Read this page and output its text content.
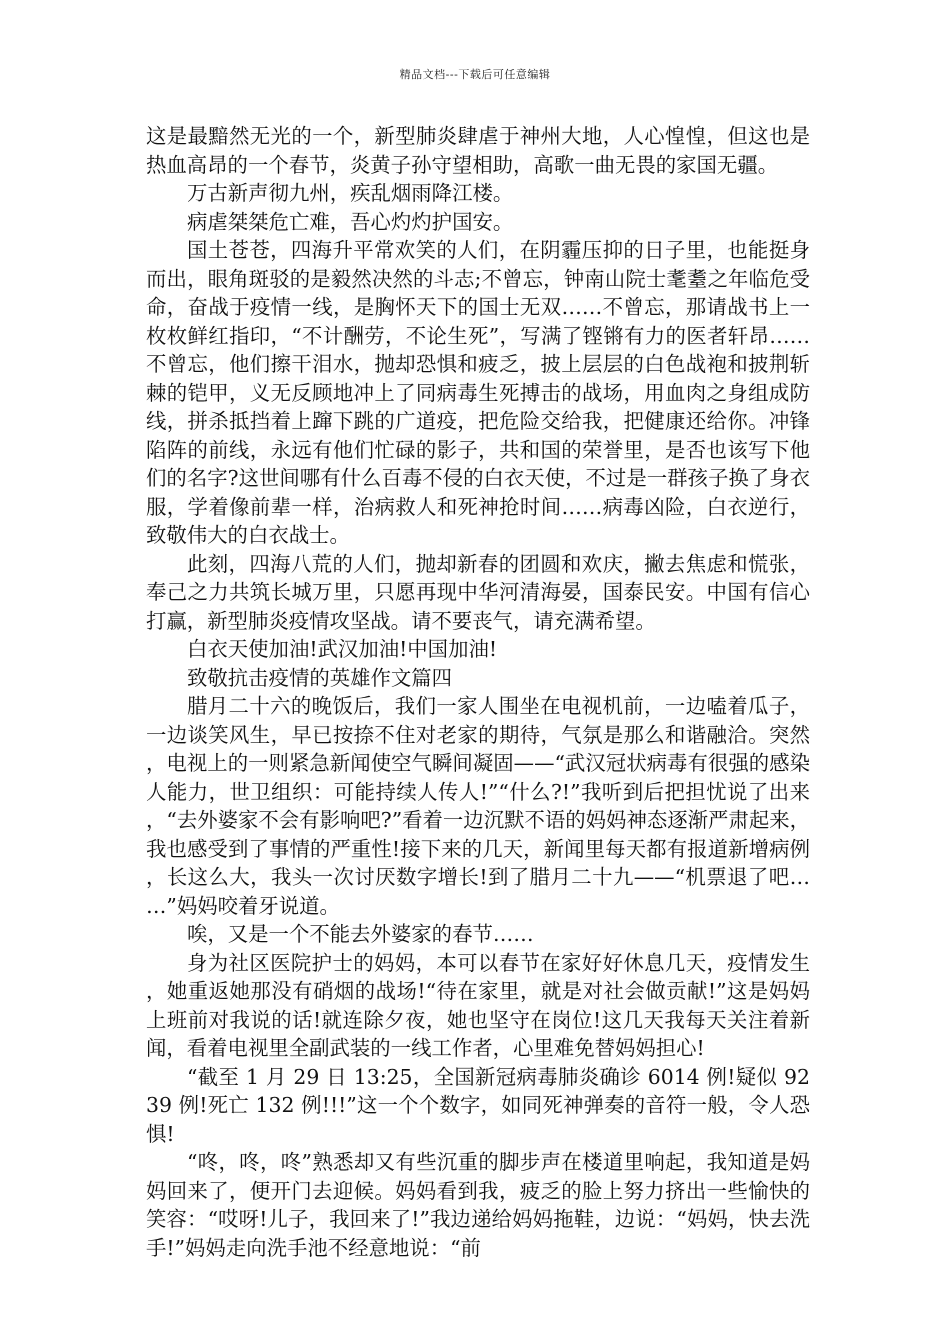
精品文档---下载后可任意编辑

这是最黯然无光的一个，新型肺炎肆虐于神州大地，人心惶惶，但这也是热血高昂的一个春节，炎黄子孙守望相助，高歌一曲无畏的家国无疆。

万古新声彻九州，疾乱烟雨降江楼。

病虐桀桀危亡难，吾心灼灼护国安。

国土苍苍，四海升平常欢笑的人们，在阴霾压抑的日子里，也能挺身而出，眼角斑驳的是毅然决然的斗志;不曾忘，钟南山院士耄耋之年临危受命，奋战于疫情一线，是胸怀天下的国士无双……不曾忘，那请战书上一枚枚鲜红指印，“不计酬劳，不论生死”，写满了铿锵有力的医者轩昂……不曾忘，他们擦干泪水，抛却恐惧和疲乏，披上层层的白色战袍和披荆斩棘的铠甲，义无反顾地冲上了同病毒生死搏击的战场，用血肉之身组成防线，拼杀抵挡着上蹿下跳的广道疫，把危险交给我，把健康还给你。冲锋陷阵的前线，永远有他们忙碌的影子，共和国的荣誉里，是否也该写下他们的名字?这世间哪有什么百毒不侵的白衣天使，不过是一群孩子换了身衣服，学着像前辈一样，治病救人和死神抢时间……病毒凶险，白衣逆行，致敬伟大的白衣战士。

此刻，四海八荒的人们，抛却新春的团圆和欢庆，撇去焦虑和慌张，奉己之力共筑长城万里，只愿再现中华河清海晏，国泰民安。中国有信心打赢，新型肺炎疫情攻坚战。请不要丧气，请充满希望。

白衣天使加油!武汉加油!中国加油!

致敬抗击疫情的英雄作文篇四

腊月二十六的晚饭后，我们一家人围坐在电视机前，一边嗑着瓜子，一边谈笑风生，早已按捺不住对老家的期待，气氛是那么和谐融洽。突然，电视上的一则紧急新闻使空气瞬间凝固——“武汉冠状病毒有很强的感染人能力，世卫组织：可能持续人传人!”“什么?!”我听到后把担忧说了出来，“去外婆家不会有影响吧?”看着一边沉默不语的妈妈神态逐渐严肃起来，我也感受到了事情的严重性!接下来的几天，新闻里每天都有报道新增病例，长这么大，我头一次讨厌数字增长!到了腊月二十九——“机票退了吧……”妈妈咬着牙说道。

唉，又是一个不能去外婆家的春节……

身为社区医院护士的妈妈，本可以春节在家好好休息几天，疫情发生，她重返她那没有硝烟的战场!“待在家里，就是对社会做贡献!”这是妈妈上班前对我说的话!就连除夕夜，她也坚守在岗位!这几天我每天关注着新闻，看着电视里全副武装的一线工作者，心里难免替妈妈担心!

“截至 1 月 29 日 13:25，全国新冠病毒肺炎确诊 6014 例!疑似 9239 例!死亡 132 例!!!”这一个个数字，如同死神弹奏的音符一般，令人恐惧!

“咚，咚，咚”熟悉却又有些沉重的脚步声在楼道里响起，我知道是妈妈回来了，便开门去迎候。妈妈看到我，疲乏的脸上努力挤出一些愉快的笑容：“哎呀!儿子，我回来了!”我边递给妈妈拖鞋，边说：“妈妈，快去洗手!”妈妈走向洗手池不经意地说：“前
